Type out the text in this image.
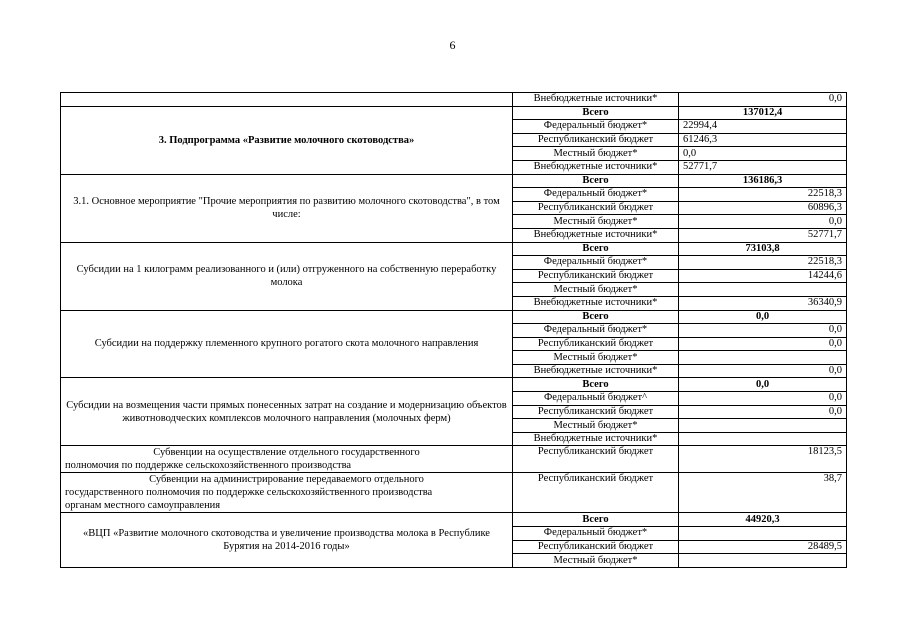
6
	Внебюджетные источники*	0,0
3. Подпрограмма «Развитие молочного скотоводства»	Всего	137012,4
	Федеральный бюджет*	22994,4
	Республиканский бюджет	61246,3
	Местный бюджет*	0,0
	Внебюджетные источники*	52771,7
3.1. Основное мероприятие "Прочие мероприятия по развитию молочного скотоводства", в том числе:	Всего	136186,3
	Федеральный бюджет*	22518,3
	Республиканский бюджет	60896,3
	Местный бюджет*	0,0
	Внебюджетные источники*	52771,7
Субсидии на 1 килограмм реализованного и (или) отгруженного на собственную переработку молока	Всего	73103,8
	Федеральный бюджет*	22518,3
	Республиканский бюджет	14244,6
	Местный бюджет*	
	Внебюджетные источники*	36340,9
Субсидии на поддержку племенного крупного рогатого скота молочного направления	Всего	0,0
	Федеральный бюджет*	0,0
	Республиканский бюджет	0,0
	Местный бюджет*	
	Внебюджетные источники*	0,0
Субсидии на возмещения части прямых понесенных затрат на создание и модернизацию объектов животноводческих комплексов молочного направления (молочных ферм)	Всего	0,0
	Федеральный бюджет^	0,0
	Республиканский бюджет	0,0
	Местный бюджет*	
	Внебюджетные источники*	

Субвенции на осуществление отдельного государственного
полномочия по поддержке сельскохозяйственного производства	Республиканский бюджет	18123,5

Субвенции на администрирование передаваемого отдельного
государственного полномочия по поддержке сельскохозяйственного производства
органам местного самоуправления	Республиканский бюджет	38,7
«ВЦП «Развитие молочного скотоводства и увеличение производства молока в Республике Бурятия на 2014-2016 годы»	Всего	44920,3
	Федеральный бюджет*	
	Республиканский бюджет	28489,5
	Местный бюджет*	
